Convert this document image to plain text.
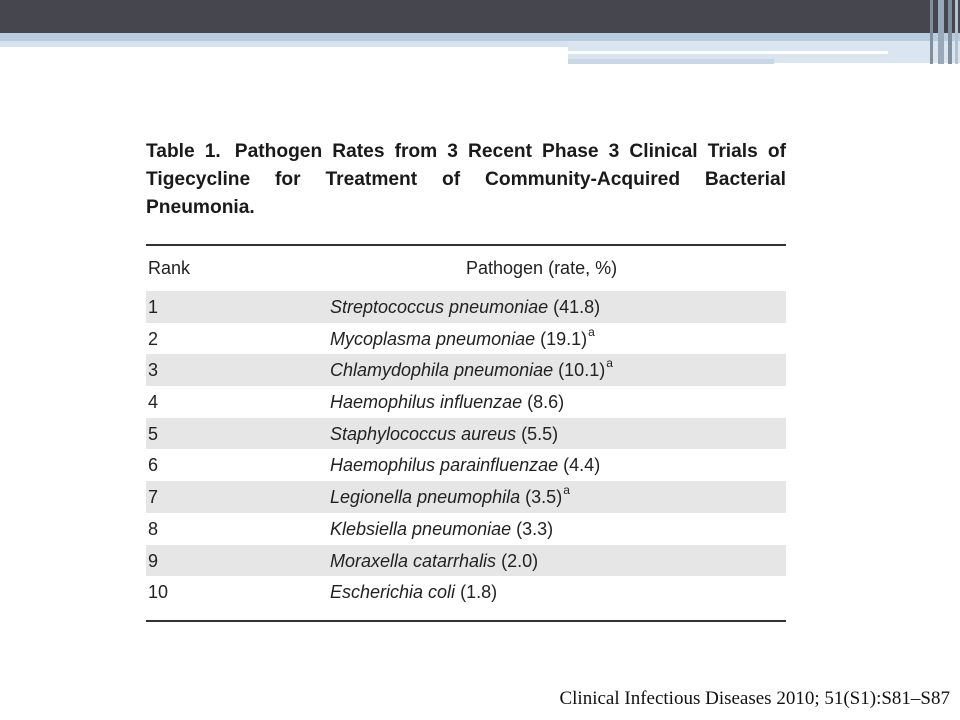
Table 1. Pathogen Rates from 3 Recent Phase 3 Clinical Trials of Tigecycline for Treatment of Community-Acquired Bacterial Pneumonia.

Rank	Pathogen (rate, %)
1	Streptococcus pneumoniae (41.8)
2	Mycoplasma pneumoniae $(19.1)^a$
3	Chlamydophila pneumoniae $(10.1)^a$
4	Haemophilus influenzae (8.6)
5	Staphylococcus aureus (5.5)
6	Haemophilus parainfluenzae (4.4)
7	Legionella pneumophila $(3.5)^a$
8	Klebsiella pneumoniae (3.3)
9	Moraxella catarrhalis (2.0)
10	Escherichia coli (1.8)
Clinical Infectious Diseases 2010; 51(S1):S81–S87
